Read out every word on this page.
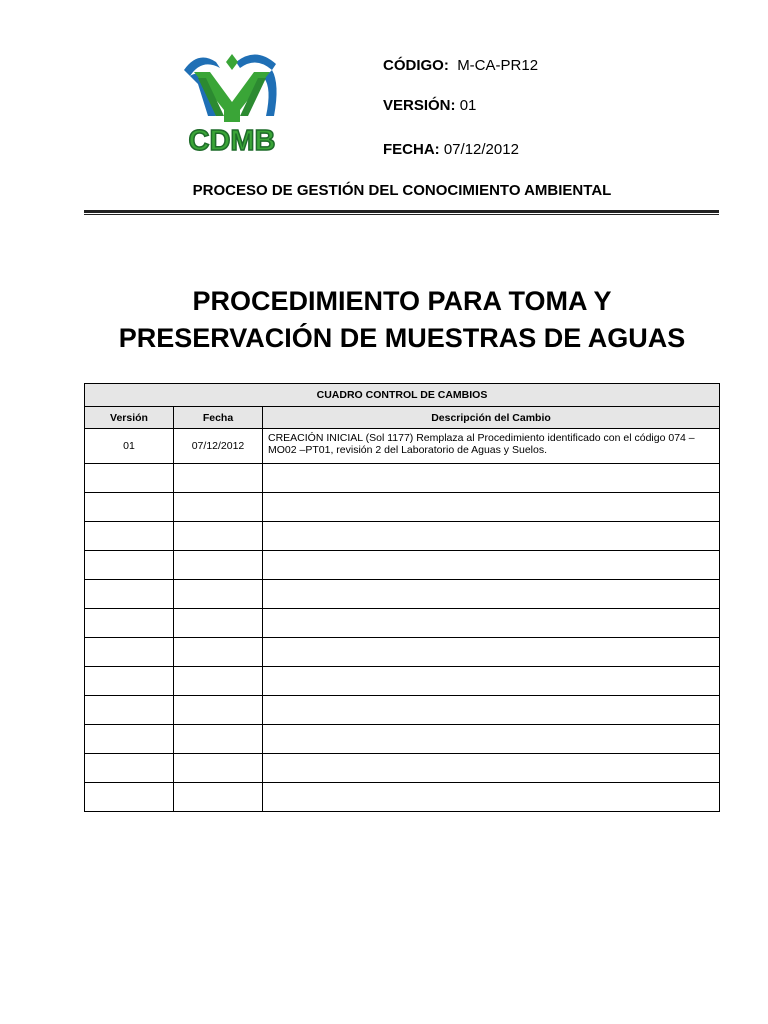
CDMB
CÓDIGO: M-CA-PR12
VERSIÓN: 01
FECHA: 07/12/2012
PROCESO DE GESTIÓN DEL CONOCIMIENTO AMBIENTAL
PROCEDIMIENTO PARA TOMA Y
PRESERVACIÓN DE MUESTRAS DE AGUAS
CUADRO CONTROL DE CAMBIOS		
Versión	Fecha	Descripción del Cambio
01	07/12/2012	CREACIÓN INICIAL (Sol 1177) Remplaza al Procedimiento identificado con el código 074 – MO02 –PT01, revisión 2 del Laboratorio de Aguas y Suelos.
